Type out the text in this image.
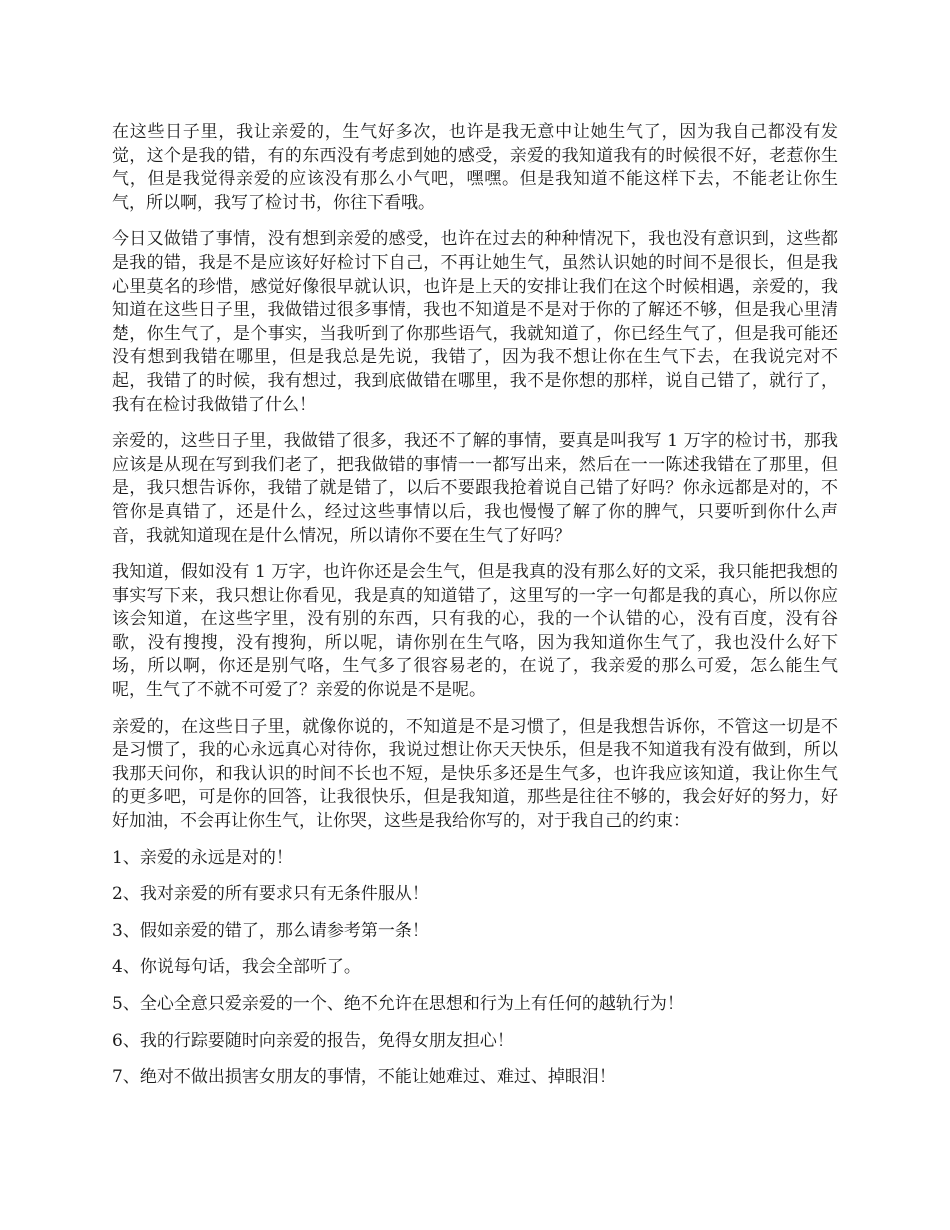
在这些日子里，我让亲爱的，生气好多次，也许是我无意中让她生气了，因为我自己都没有发觉，这个是我的错，有的东西没有考虑到她的感受，亲爱的我知道我有的时候很不好，老惹你生气，但是我觉得亲爱的应该没有那么小气吧，嘿嘿。但是我知道不能这样下去，不能老让你生气，所以啊，我写了检讨书，你往下看哦。

今日又做错了事情，没有想到亲爱的感受，也许在过去的种种情况下，我也没有意识到，这些都是我的错，我是不是应该好好检讨下自己，不再让她生气，虽然认识她的时间不是很长，但是我心里莫名的珍惜，感觉好像很早就认识，也许是上天的安排让我们在这个时候相遇，亲爱的，我知道在这些日子里，我做错过很多事情，我也不知道是不是对于你的了解还不够，但是我心里清楚，你生气了，是个事实，当我听到了你那些语气，我就知道了，你已经生气了，但是我可能还没有想到我错在哪里，但是我总是先说，我错了，因为我不想让你在生气下去，在我说完对不起，我错了的时候，我有想过，我到底做错在哪里，我不是你想的那样，说自己错了，就行了，我有在检讨我做错了什么！

亲爱的，这些日子里，我做错了很多，我还不了解的事情，要真是叫我写 1 万字的检讨书，那我应该是从现在写到我们老了，把我做错的事情一一都写出来，然后在一一陈述我错在了那里，但是，我只想告诉你，我错了就是错了，以后不要跟我抢着说自己错了好吗？你永远都是对的，不管你是真错了，还是什么，经过这些事情以后，我也慢慢了解了你的脾气，只要听到你什么声音，我就知道现在是什么情况，所以请你不要在生气了好吗？

我知道，假如没有 1 万字，也许你还是会生气，但是我真的没有那么好的文采，我只能把我想的事实写下来，我只想让你看见，我是真的知道错了，这里写的一字一句都是我的真心，所以你应该会知道，在这些字里，没有别的东西，只有我的心，我的一个认错的心，没有百度，没有谷歌，没有搜搜，没有搜狗，所以呢，请你别在生气咯，因为我知道你生气了，我也没什么好下场，所以啊，你还是别气咯，生气多了很容易老的，在说了，我亲爱的那么可爱，怎么能生气呢，生气了不就不可爱了？亲爱的你说是不是呢。

亲爱的，在这些日子里，就像你说的，不知道是不是习惯了，但是我想告诉你，不管这一切是不是习惯了，我的心永远真心对待你，我说过想让你天天快乐，但是我不知道我有没有做到，所以我那天问你，和我认识的时间不长也不短，是快乐多还是生气多，也许我应该知道，我让你生气的更多吧，可是你的回答，让我很快乐，但是我知道，那些是往往不够的，我会好好的努力，好好加油，不会再让你生气，让你哭，这些是我给你写的，对于我自己的约束：

1、亲爱的永远是对的！

2、我对亲爱的所有要求只有无条件服从！

3、假如亲爱的错了，那么请参考第一条！

4、你说每句话，我会全部听了。

5、全心全意只爱亲爱的一个、绝不允许在思想和行为上有任何的越轨行为！

6、我的行踪要随时向亲爱的报告，免得女朋友担心！

7、绝对不做出损害女朋友的事情，不能让她难过、难过、掉眼泪！
